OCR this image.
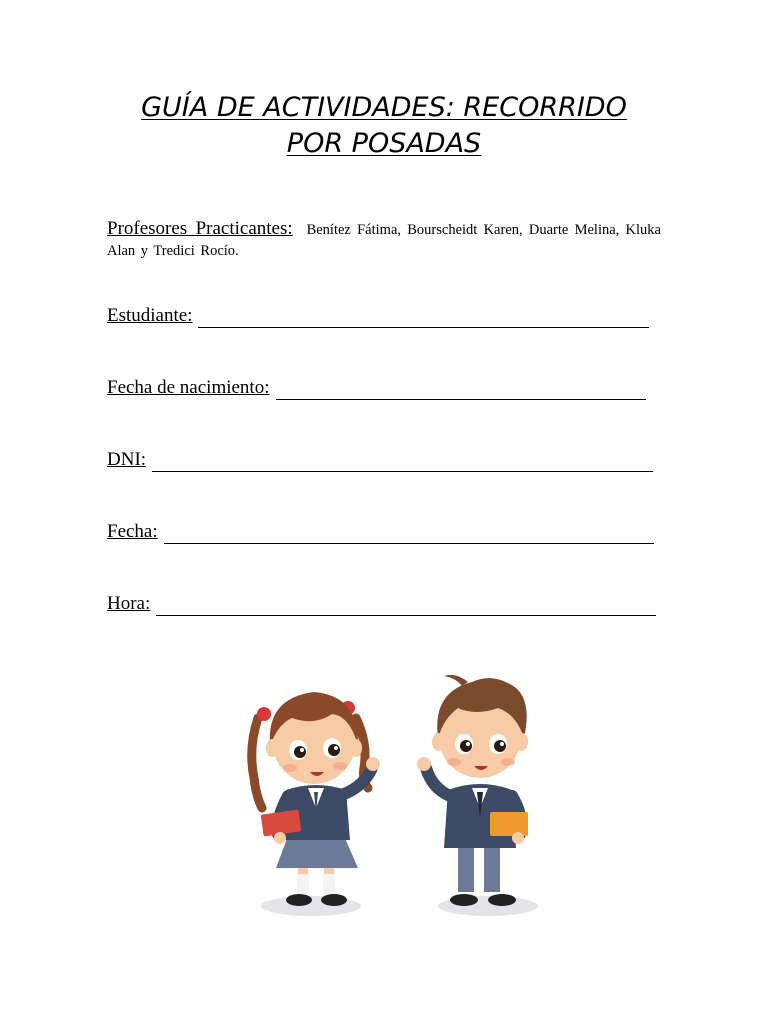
GUÍA DE ACTIVIDADES: RECORRIDO
POR POSADAS
Profesores Practicantes: Benítez Fátima, Bourscheidt Karen, Duarte Melina, Kluka Alan y Tredici Rocío.
Estudiante:
Fecha de nacimiento:
DNI:
Fecha:
Hora:
